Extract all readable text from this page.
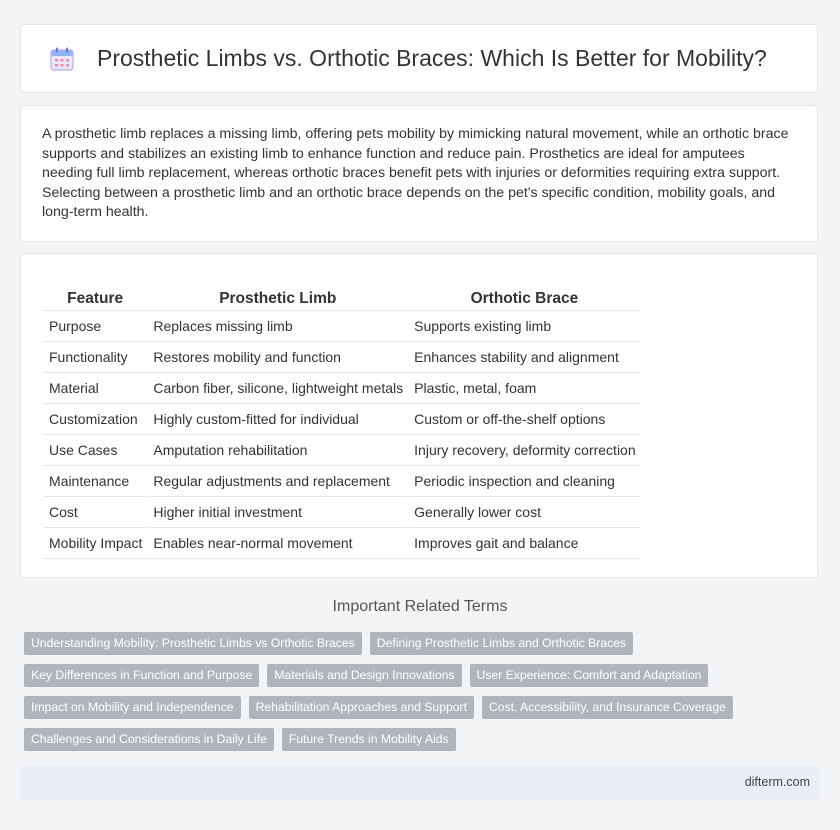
Prosthetic Limbs vs. Orthotic Braces: Which Is Better for Mobility?

A prosthetic limb replaces a missing limb, offering pets mobility by mimicking natural movement, while an orthotic brace supports and stabilizes an existing limb to enhance function and reduce pain. Prosthetics are ideal for amputees needing full limb replacement, whereas orthotic braces benefit pets with injuries or deformities requiring extra support. Selecting between a prosthetic limb and an orthotic brace depends on the pet's specific condition, mobility goals, and long-term health.

Feature	Prosthetic Limb	Orthotic Brace
Purpose	Replaces missing limb	Supports existing limb
Functionality	Restores mobility and function	Enhances stability and alignment
Material	Carbon fiber, silicone, lightweight metals	Plastic, metal, foam
Customization	Highly custom-fitted for individual	Custom or off-the-shelf options
Use Cases	Amputation rehabilitation	Injury recovery, deformity correction
Maintenance	Regular adjustments and replacement	Periodic inspection and cleaning
Cost	Higher initial investment	Generally lower cost
Mobility Impact	Enables near-normal movement	Improves gait and balance
Important Related Terms
Understanding Mobility: Prosthetic Limbs vs Orthotic Braces	Defining Prosthetic Limbs and Orthotic Braces
Key Differences in Function and Purpose	Materials and Design Innovations	User Experience: Comfort and Adaptation
Impact on Mobility and Independence	Rehabilitation Approaches and Support	Cost, Accessibility, and Insurance Coverage
Challenges and Considerations in Daily Life	Future Trends in Mobility Aids
difterm.com
